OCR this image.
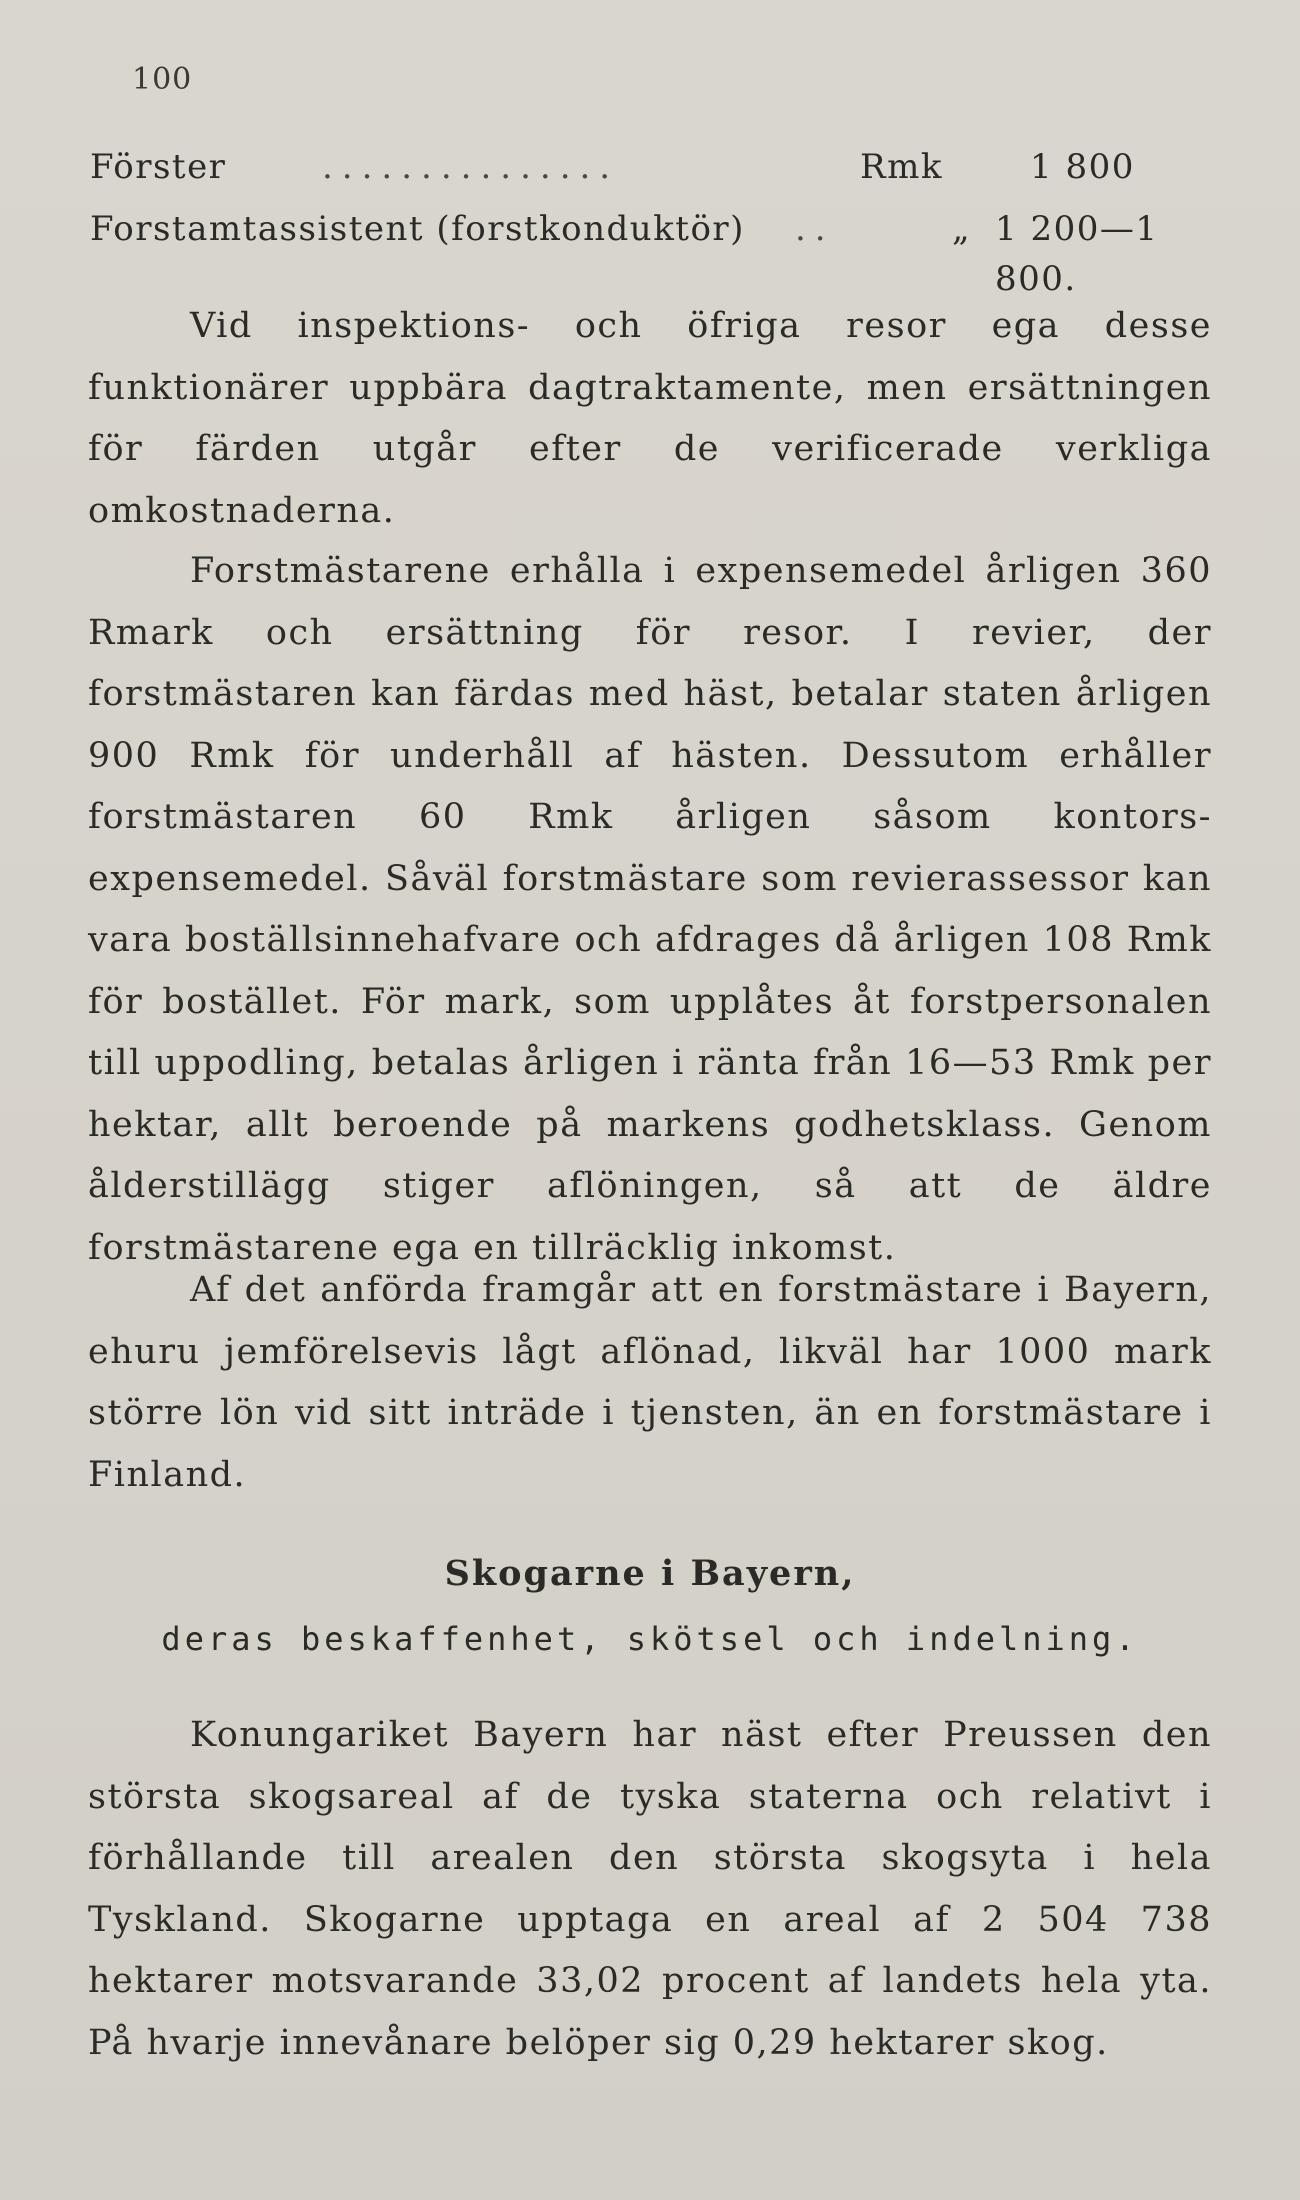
100
Förster	...............	Rmk	1 800
Forstamtassistent (forstkonduktör) ..	„ 1 200—1 800.

Vid inspektions- och öfriga resor ega desse funktionärer uppbära dagtraktamente, men ersättningen för färden utgår efter de verificerade verkliga omkostnaderna.

Forstmästarene erhålla i expensemedel årligen 360 Rmark och ersättning för resor. I revier, der forstmästaren kan färdas med häst, betalar staten årligen 900 Rmk för underhåll af hästen. Dessutom erhåller forstmästaren 60 Rmk årligen såsom kontors-expensemedel. Såväl forstmästare som revierassessor kan vara boställsinnehafvare och afdrages då årligen 108 Rmk för bostället. För mark, som upplåtes åt forstpersonalen till uppodling, betalas årligen i ränta från 16—53 Rmk per hektar, allt beroende på markens godhetsklass. Genom ålderstillägg stiger aflöningen, så att de äldre forstmästarene ega en tillräcklig inkomst.

Af det anförda framgår att en forstmästare i Bayern, ehuru jemförelsevis lågt aflönad, likväl har 1000 mark större lön vid sitt inträde i tjensten, än en forstmästare i Finland.

Skogarne i Bayern,
deras beskaffenhet, skötsel och indelning.

Konungariket Bayern har näst efter Preussen den största skogsareal af de tyska staterna och relativt i förhållande till arealen den största skogsyta i hela Tyskland. Skogarne upptaga en areal af 2 504 738 hektarer motsvarande 33,02 procent af landets hela yta. På hvarje innevånare belöper sig 0,29 hektarer skog.
